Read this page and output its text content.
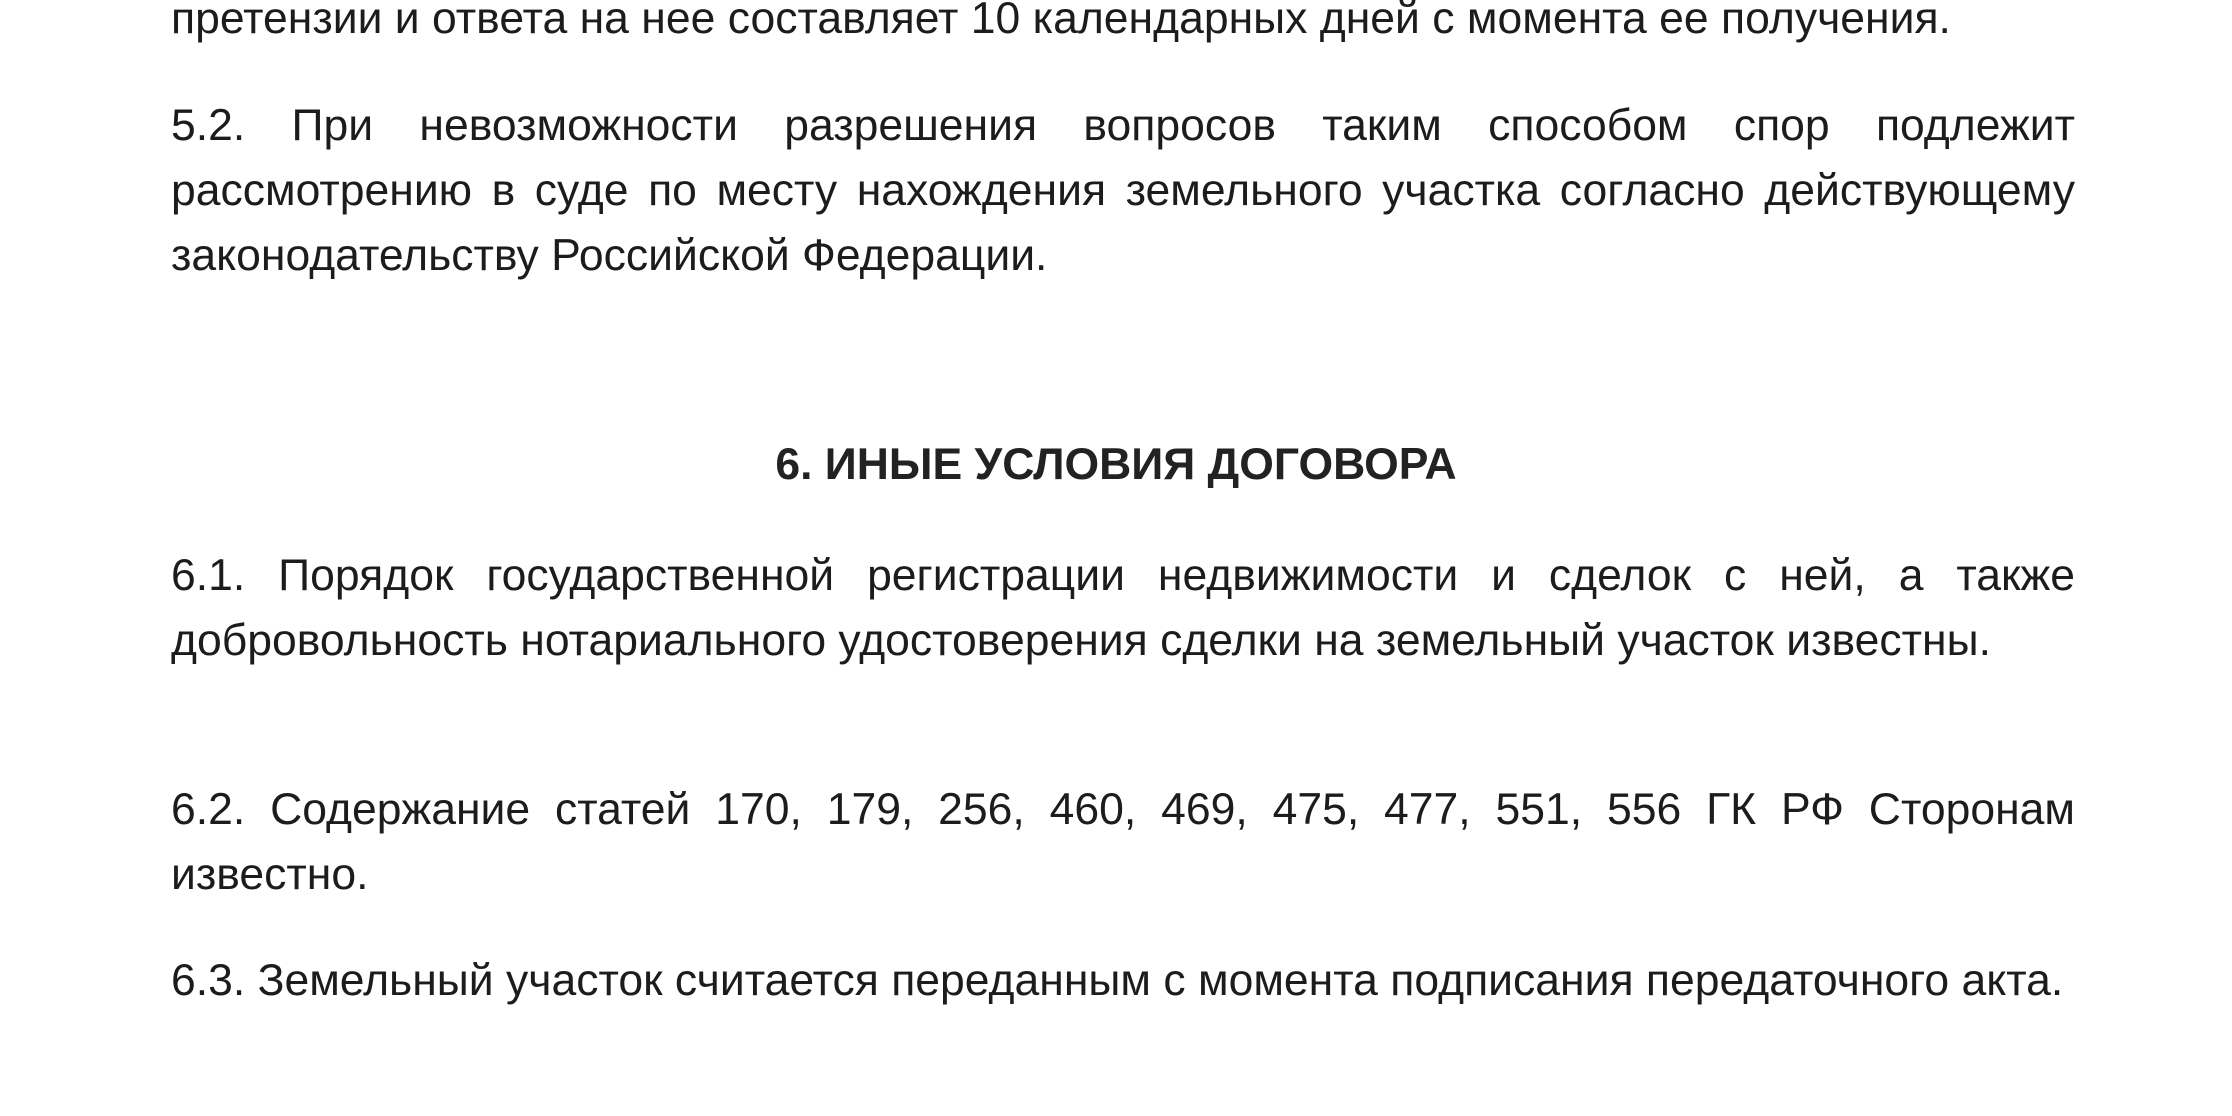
претензии и ответа на нее составляет 10 календарных дней с момента ее получения.

5.2. При невозможности разрешения вопросов таким способом спор подлежит рассмотрению в суде по месту нахождения земельного участка согласно действующему законодательству Российской Федерации.

6. ИНЫЕ УСЛОВИЯ ДОГОВОРА

6.1. Порядок государственной регистрации недвижимости и сделок с ней, а также добровольность нотариального удостоверения сделки на земельный участок известны.

6.2. Содержание статей 170, 179, 256, 460, 469, 475, 477, 551, 556 ГК РФ Сторонам известно.

6.3. Земельный участок считается переданным с момента подписания передаточного акта.
